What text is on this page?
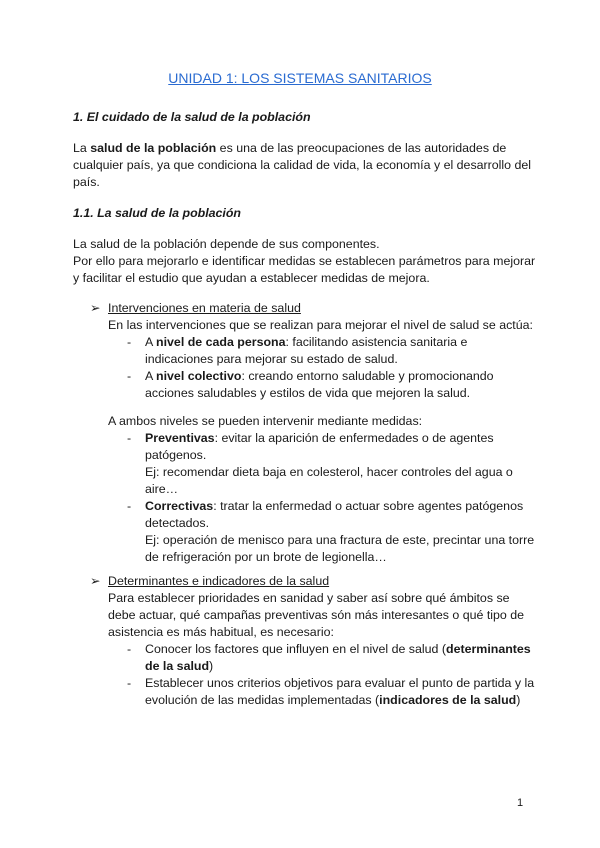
UNIDAD 1: LOS SISTEMAS SANITARIOS
1. El cuidado de la salud de la población
La salud de la población es una de las preocupaciones de las autoridades de
cualquier país, ya que condiciona la calidad de vida, la economía y el desarrollo del
país.
1.1. La salud de la población
La salud de la población depende de sus componentes.
Por ello para mejorarlo e identificar medidas se establecen parámetros para mejorar
y facilitar el estudio que ayudan a establecer medidas de mejora.
➢ Intervenciones en materia de salud
En las intervenciones que se realizan para mejorar el nivel de salud se actúa:
- A nivel de cada persona: facilitando asistencia sanitaria e
indicaciones para mejorar su estado de salud.
- A nivel colectivo: creando entorno saludable y promocionando
acciones saludables y estilos de vida que mejoren la salud.
A ambos niveles se pueden intervenir mediante medidas:
- Preventivas: evitar la aparición de enfermedades o de agentes
patógenos.
Ej: recomendar dieta baja en colesterol, hacer controles del agua o
aire…
- Correctivas: tratar la enfermedad o actuar sobre agentes patógenos
detectados.
Ej: operación de menisco para una fractura de este, precintar una torre
de refrigeración por un brote de legionella…
➢ Determinantes e indicadores de la salud
Para establecer prioridades en sanidad y saber así sobre qué ámbitos se
debe actuar, qué campañas preventivas són más interesantes o qué tipo de
asistencia es más habitual, es necesario:
- Conocer los factores que influyen en el nivel de salud (determinantes
de la salud)
- Establecer unos criterios objetivos para evaluar el punto de partida y la
evolución de las medidas implementadas (indicadores de la salud)
1
